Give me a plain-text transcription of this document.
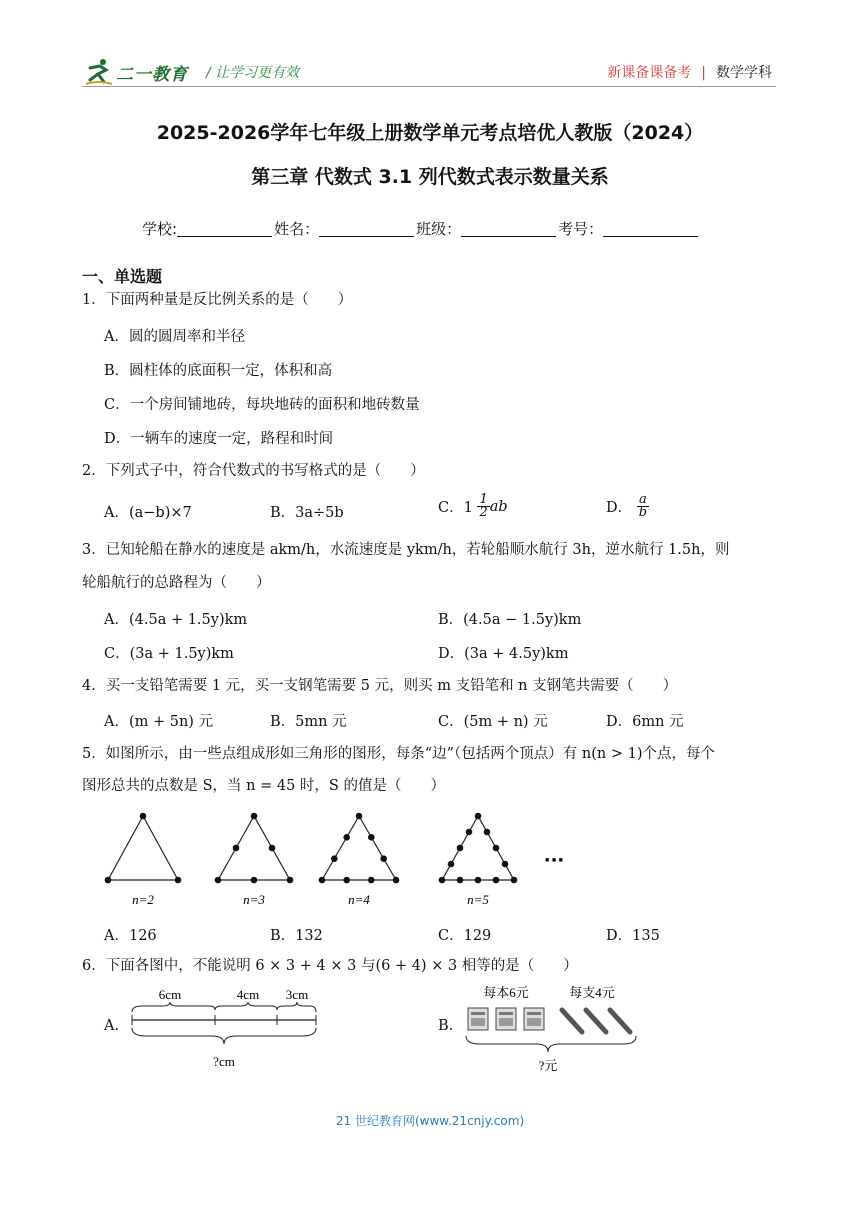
二一教育 / 让学习更有效	新课备课备考 | 数学学科
2025-2026学年七年级上册数学单元考点培优人教版（2024）
第三章 代数式 3.1 列代数式表示数量关系
学校:	姓名：	班级：	考号：
一、单选题
1．下面两种量是反比例关系的是（　　）
A．圆的圆周率和半径
B．圆柱体的底面积一定，体积和高
C．一个房间铺地砖，每块地砖的面积和地砖数量
D．一辆车的速度一定，路程和时间
2．下列式子中，符合代数式的书写格式的是（　　）
A．(a−b)×7	B．3a÷5b	C．1
$\frac{1}{2}$ ab	D．
$\frac{a}{b}$
3．已知轮船在静水的速度是 akm/h，水流速度是 ykm/h，若轮船顺水航行 3h，逆水航行 1.5h，则
轮船航行的总路程为（　　）
A．(4.5a + 1.5y)km	B．(4.5a − 1.5y)km
C．(3a + 1.5y)km	D．(3a + 4.5y)km
4．买一支铅笔需要 1 元，买一支钢笔需要 5 元，则买 m 支铅笔和 n 支钢笔共需要（　　）
A．(m + 5n) 元	B．5mn 元	C．(5m + n) 元	D．6mn 元
5．如图所示，由一些点组成形如三角形的图形，每条“边”（包括两个顶点）有 n(n > 1)个点，每个
图形总共的点数是 S，当 n = 45 时，S 的值是（　　）
n=2	n=3	n=4	n=5
···
A．126	B．132	C．129	D．135
6．下面各图中，不能说明 6 × 3 + 4 × 3 与(6 + 4) × 3 相等的是（　　）
A.
6cm	4cm 3cm
?cm
B.
每本6元	每支4元
?元
21 世纪教育网(www.21cnjy.com)
